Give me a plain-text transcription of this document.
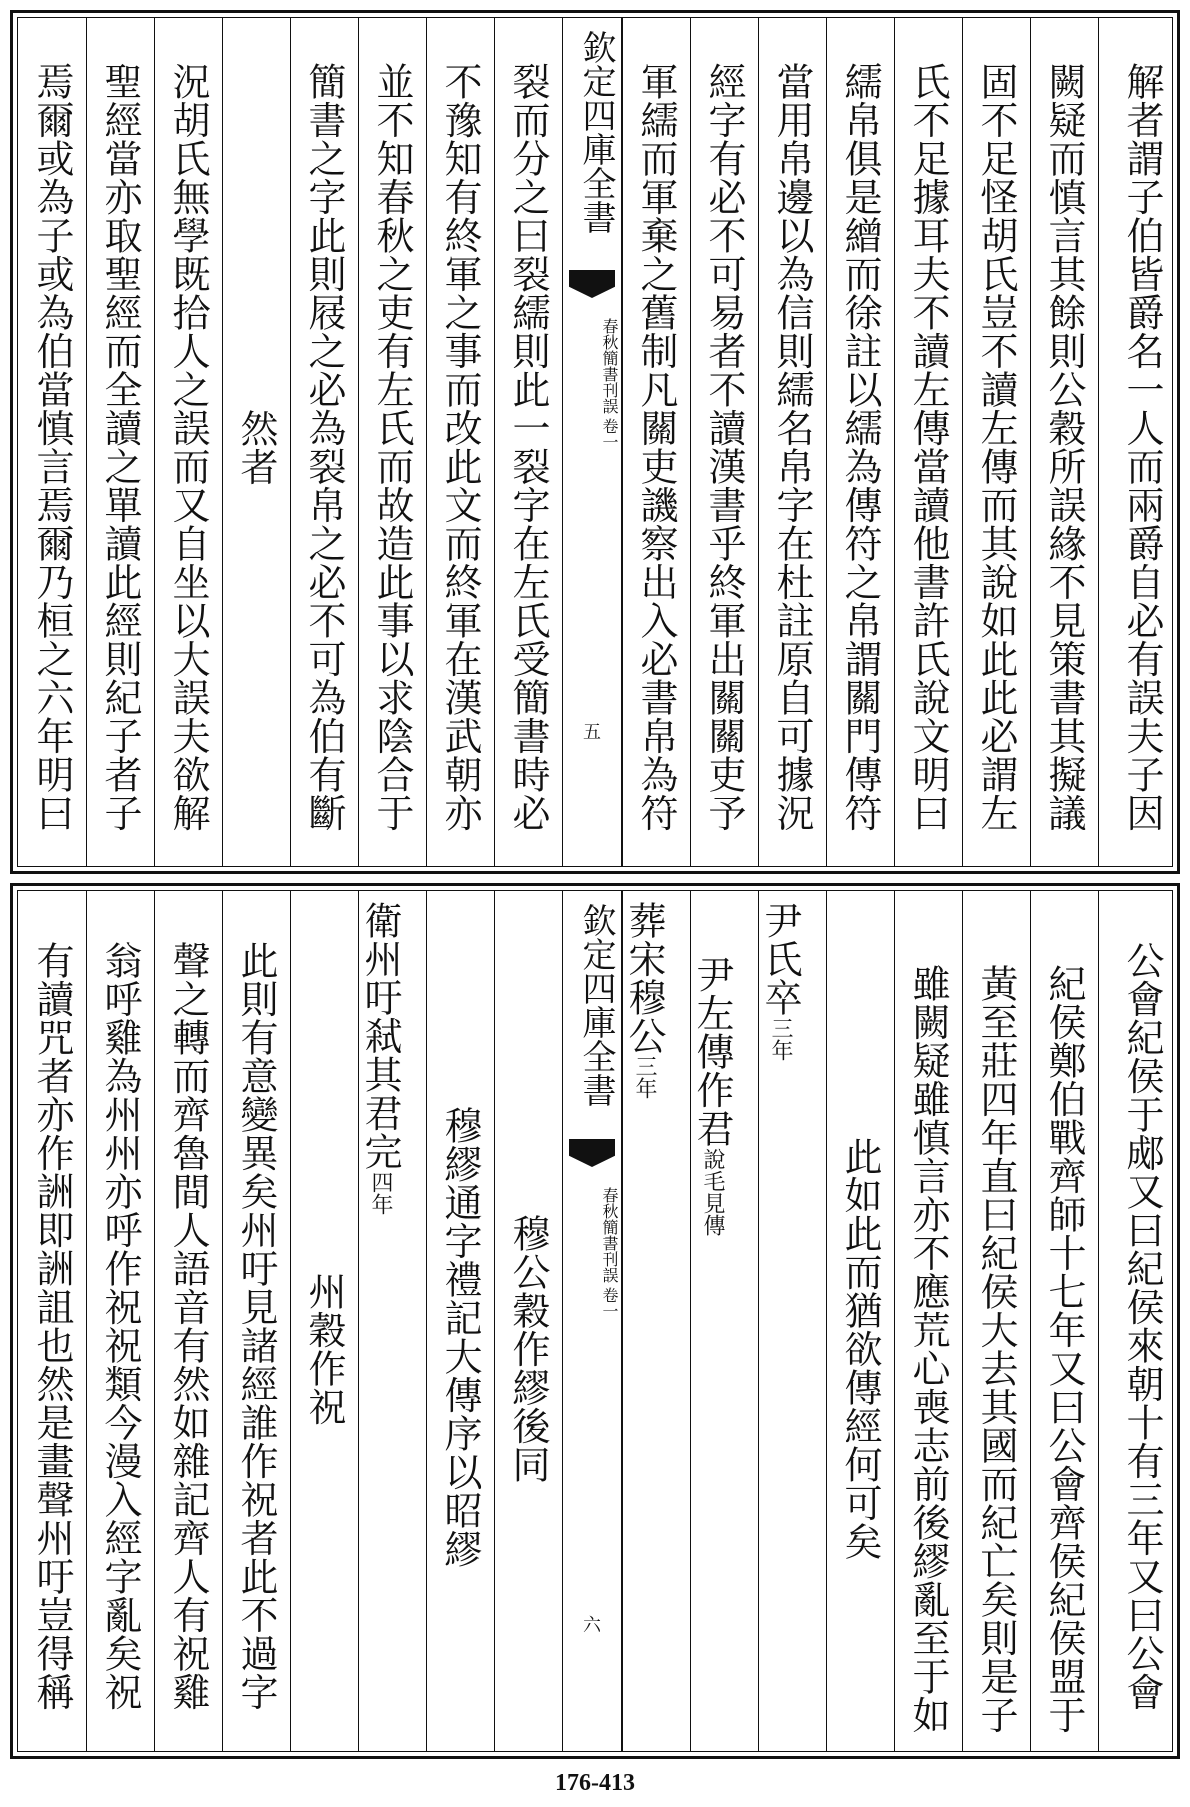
焉爾或為子或為伯當慎言焉爾乃桓之六年明曰 聖經當亦取聖經而全讀之單讀此經則紀子者子 況胡氏無學既拾人之誤而又自坐以大誤夫欲解 然者 簡書之字此則屐之必為裂帛之必不可為伯有斷 並不知春秋之吏有左氏而故造此事以求陰合于 不豫知有終軍之事而改此文而終軍在漢武朝亦 裂而分之曰裂繻則此一裂字在左氏受簡書時必 欽定四庫全書
春秋簡書刊誤
卷一
五 軍繻而軍棄之舊制凡關吏譏察出入必書帛為符 經字有必不可易者不讀漢書乎終軍出關關吏予 當用帛邊以為信則繻名帛字在杜註原自可據況 繻帛俱是繒而徐註以繻為傳符之帛謂關門傳符 氏不足據耳夫不讀左傳當讀他書許氏說文明曰 固不足怪胡氏豈不讀左傳而其說如此此必謂左 闕疑而慎言其餘則公穀所誤緣不見策書其擬議 解者謂子伯皆爵名一人而兩爵自必有誤夫子因
有讀咒者亦作詶即詶詛也然是畫聲州吁豈得稱 翁呼雞為州州亦呼作祝祝類今漫入經字亂矣祝 聲之轉而齊魯間人語音有然如雜記齊人有祝雞 此則有意變異矣州吁見諸經誰作祝者此不過字 州穀作祝
衛州吁弒其君完
四年	穆繆通字禮記大傳序以昭繆 穆公穀作繆後同
欽定四庫全書
春秋簡書刊誤
卷一
六
葬宋穆公
三年 尹左傳作君
說毛
見傳
尹氏卒
三年
此如此而猶欲傳經何可矣 雖闕疑雖慎言亦不應荒心喪志前後繆亂至于如 黃至莊四年直曰紀侯大去其國而紀亡矣則是子 紀侯鄭伯戰齊師十七年又曰公會齊侯紀侯盟于 公會紀侯于郕又曰紀侯來朝十有三年又曰公會
176-413
